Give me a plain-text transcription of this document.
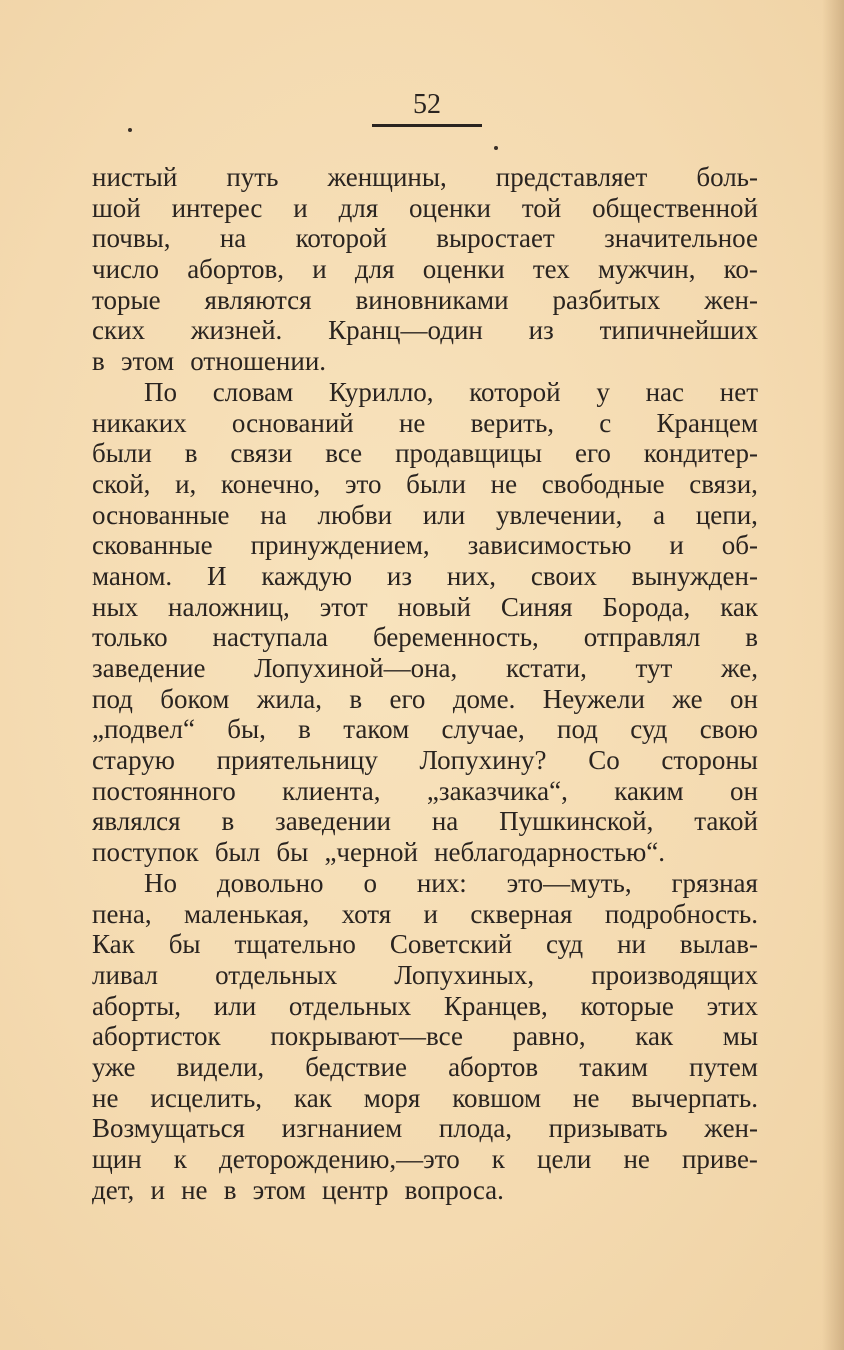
52
нистый путь женщины, представляет боль-
шой интерес и для оценки той общественной
почвы, на которой выростает значительное
число абортов, и для оценки тех мужчин, ко-
торые являются виновниками разбитых жен-
ских жизней. Кранц—один из типичнейших
в этом отношении.
По словам Курилло, которой у нас нет
никаких оснований не верить, с Кранцем
были в связи все продавщицы его кондитер-
ской, и, конечно, это были не свободные связи,
основанные на любви или увлечении, а цепи,
скованные принуждением, зависимостью и об-
маном. И каждую из них, своих вынужден-
ных наложниц, этот новый Синяя Борода, как
только наступала беременность, отправлял в
заведение Лопухиной—она, кстати, тут же,
под боком жила, в его доме. Неужели же он
„подвел“ бы, в таком случае, под суд свою
старую приятельницу Лопухину? Со стороны
постоянного клиента, „заказчика“, каким он
являлся в заведении на Пушкинской, такой
поступок был бы „черной неблагодарностью“.
Но довольно о них: это—муть, грязная
пена, маленькая, хотя и скверная подробность.
Как бы тщательно Советский суд ни вылав-
ливал отдельных Лопухиных, производящих
аборты, или отдельных Кранцев, которые этих
абортисток покрывают—все равно, как мы
уже видели, бедствие абортов таким путем
не исцелить, как моря ковшом не вычерпать.
Возмущаться изгнанием плода, призывать жен-
щин к деторождению,—это к цели не приве-
дет, и не в этом центр вопроса.
